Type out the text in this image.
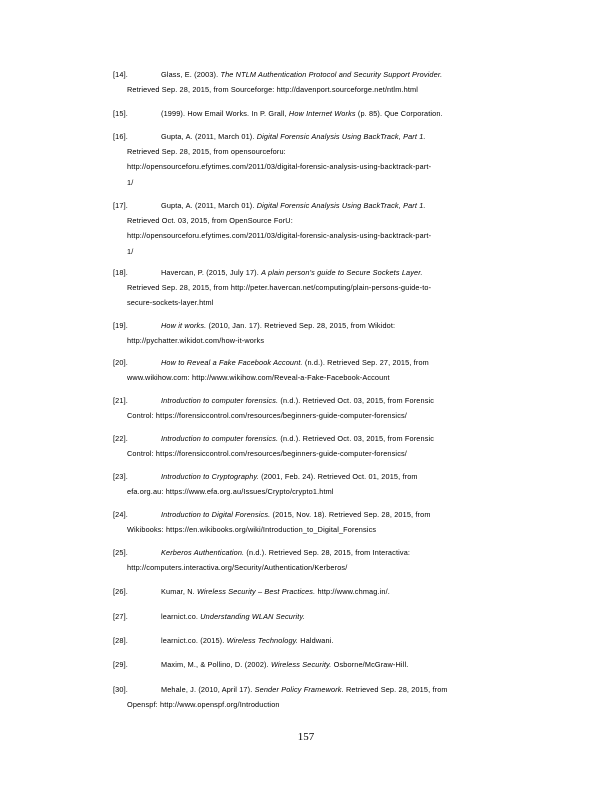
[14].	Glass, E. (2003). The NTLM Authentication Protocol and Security Support Provider.
Retrieved Sep. 28, 2015, from Sourceforge: http://davenport.sourceforge.net/ntlm.html
[15].	(1999). How Email Works. In P. Grall, How Internet Works (p. 85). Que Corporation.
[16].	Gupta, A. (2011, March 01). Digital Forensic Analysis Using BackTrack, Part 1.
Retrieved Sep. 28, 2015, from opensourceforu:
http://opensourceforu.efytimes.com/2011/03/digital-forensic-analysis-using-backtrack-part-
1/
[17].	Gupta, A. (2011, March 01). Digital Forensic Analysis Using BackTrack, Part 1.
Retrieved Oct. 03, 2015, from OpenSource ForU:
http://opensourceforu.efytimes.com/2011/03/digital-forensic-analysis-using-backtrack-part-
1/
[18].	Havercan, P. (2015, July 17). A plain person's guide to Secure Sockets Layer.
Retrieved Sep. 28, 2015, from http://peter.havercan.net/computing/plain-persons-guide-to-
secure-sockets-layer.html
[19].	How it works. (2010, Jan. 17). Retrieved Sep. 28, 2015, from Wikidot:
http://pychatter.wikidot.com/how-it-works
[20].	How to Reveal a Fake Facebook Account. (n.d.). Retrieved Sep. 27, 2015, from
www.wikihow.com: http://www.wikihow.com/Reveal-a-Fake-Facebook-Account
[21].	Introduction to computer forensics. (n.d.). Retrieved Oct. 03, 2015, from Forensic
Control: https://forensiccontrol.com/resources/beginners-guide-computer-forensics/
[22].	Introduction to computer forensics. (n.d.). Retrieved Oct. 03, 2015, from Forensic
Control: https://forensiccontrol.com/resources/beginners-guide-computer-forensics/
[23].	Introduction to Cryptography. (2001, Feb. 24). Retrieved Oct. 01, 2015, from
efa.org.au: https://www.efa.org.au/Issues/Crypto/crypto1.html
[24].	Introduction to Digital Forensics. (2015, Nov. 18). Retrieved Sep. 28, 2015, from
Wikibooks: https://en.wikibooks.org/wiki/Introduction_to_Digital_Forensics
[25].	Kerberos Authentication. (n.d.). Retrieved Sep. 28, 2015, from Interactiva:
http://computers.interactiva.org/Security/Authentication/Kerberos/
[26].	Kumar, N. Wireless Security – Best Practices. http://www.chmag.in/.
[27].	learnict.co. Understanding WLAN Security.
[28].	learnict.co. (2015). Wireless Technology. Haldwani.
[29].	Maxim, M., & Pollino, D. (2002). Wireless Security. Osborne/McGraw-Hill.
[30].	Mehale, J. (2010, April 17). Sender Policy Framework. Retrieved Sep. 28, 2015, from
Openspf: http://www.openspf.org/Introduction
157
